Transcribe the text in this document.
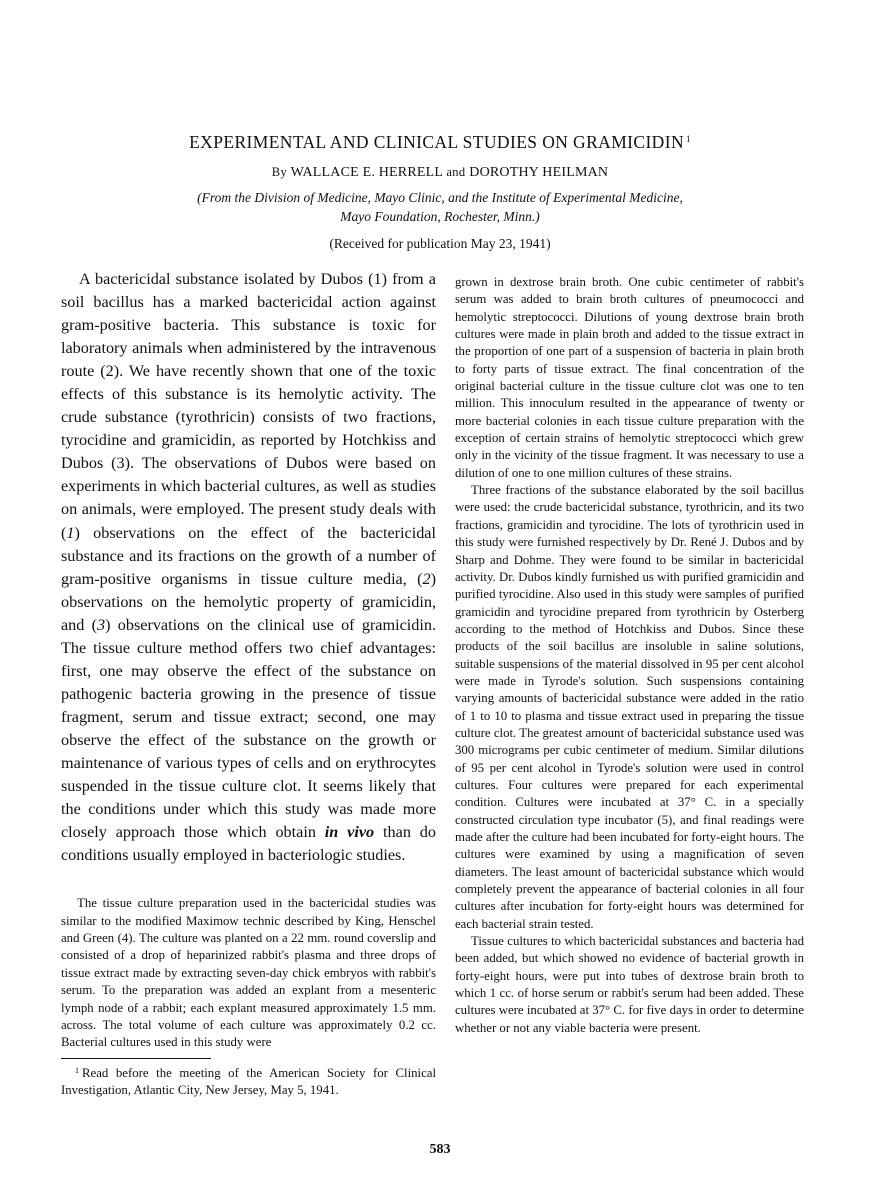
EXPERIMENTAL AND CLINICAL STUDIES ON GRAMICIDIN $^1$
By WALLACE E. HERRELL and DOROTHY HEILMAN
(From the Division of Medicine, Mayo Clinic, and the Institute of Experimental Medicine,
Mayo Foundation, Rochester, Minn.)
(Received for publication May 23, 1941)

A bactericidal substance isolated by Dubos (1) from a soil bacillus has a marked bactericidal action against gram-positive bacteria. This substance is toxic for laboratory animals when administered by the intravenous route (2). We have recently shown that one of the toxic effects of this substance is its hemolytic activity. The crude substance (tyrothricin) consists of two fractions, tyrocidine and gramicidin, as reported by Hotchkiss and Dubos (3). The observations of Dubos were based on experiments in which bacterial cultures, as well as studies on animals, were employed. The present study deals with (1) observations on the effect of the bactericidal substance and its fractions on the growth of a number of gram-positive organisms in tissue culture media, (2) observations on the hemolytic property of gramicidin, and (3) observations on the clinical use of gramicidin. The tissue culture method offers two chief advantages: first, one may observe the effect of the substance on pathogenic bacteria growing in the presence of tissue fragment, serum and tissue extract; second, one may observe the effect of the substance on the growth or maintenance of various types of cells and on erythrocytes suspended in the tissue culture clot. It seems likely that the conditions under which this study was made more closely approach those which obtain in vivo than do conditions usually employed in bacteriologic studies.

The tissue culture preparation used in the bactericidal studies was similar to the modified Maximow technic described by King, Henschel and Green (4). The culture was planted on a 22 mm. round coverslip and consisted of a drop of heparinized rabbit's plasma and three drops of tissue extract made by extracting seven-day chick embryos with rabbit's serum. To the preparation was added an explant from a mesenteric lymph node of a rabbit; each explant measured approximately 1.5 mm. across. The total volume of each culture was approximately 0.2 cc. Bacterial cultures used in this study were

$^1$ Read before the meeting of the American Society for Clinical Investigation, Atlantic City, New Jersey, May 5, 1941.

grown in dextrose brain broth. One cubic centimeter of rabbit's serum was added to brain broth cultures of pneumococci and hemolytic streptococci. Dilutions of young dextrose brain broth cultures were made in plain broth and added to the tissue extract in the proportion of one part of a suspension of bacteria in plain broth to forty parts of tissue extract. The final concentration of the original bacterial culture in the tissue culture clot was one to ten million. This innoculum resulted in the appearance of twenty or more bacterial colonies in each tissue culture preparation with the exception of certain strains of hemolytic streptococci which grew only in the vicinity of the tissue fragment. It was necessary to use a dilution of one to one million cultures of these strains.

Three fractions of the substance elaborated by the soil bacillus were used: the crude bactericidal substance, tyrothricin, and its two fractions, gramicidin and tyrocidine. The lots of tyrothricin used in this study were furnished respectively by Dr. René J. Dubos and by Sharp and Dohme. They were found to be similar in bactericidal activity. Dr. Dubos kindly furnished us with purified gramicidin and purified tyrocidine. Also used in this study were samples of purified gramicidin and tyrocidine prepared from tyrothricin by Osterberg according to the method of Hotchkiss and Dubos. Since these products of the soil bacillus are insoluble in saline solutions, suitable suspensions of the material dissolved in 95 per cent alcohol were made in Tyrode's solution. Such suspensions containing varying amounts of bactericidal substance were added in the ratio of 1 to 10 to plasma and tissue extract used in preparing the tissue culture clot. The greatest amount of bactericidal substance used was 300 micrograms per cubic centimeter of medium. Similar dilutions of 95 per cent alcohol in Tyrode's solution were used in control cultures. Four cultures were prepared for each experimental condition. Cultures were incubated at 37° C. in a specially constructed circulation type incubator (5), and final readings were made after the culture had been incubated for forty-eight hours. The cultures were examined by using a magnification of seven diameters. The least amount of bactericidal substance which would completely prevent the appearance of bacterial colonies in all four cultures after incubation for forty-eight hours was determined for each bacterial strain tested.

Tissue cultures to which bactericidal substances and bacteria had been added, but which showed no evidence of bacterial growth in forty-eight hours, were put into tubes of dextrose brain broth to which 1 cc. of horse serum or rabbit's serum had been added. These cultures were incubated at 37° C. for five days in order to determine whether or not any viable bacteria were present.

583
